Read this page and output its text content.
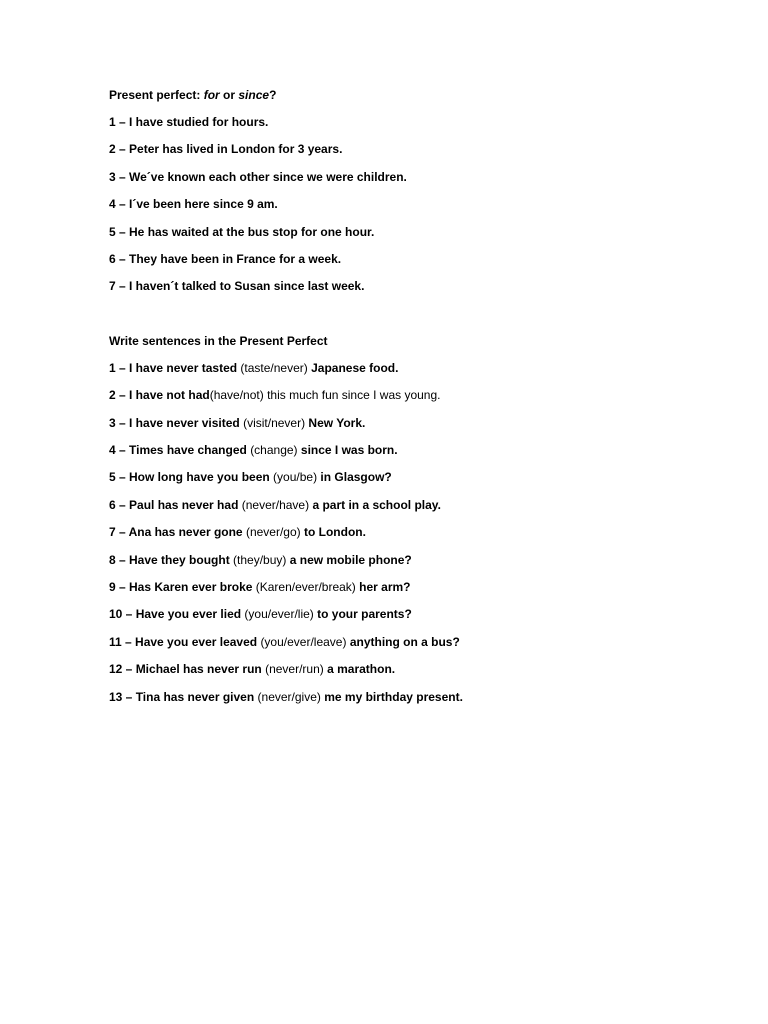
Present perfect: for or since?
1 – I have studied for hours.
2 – Peter has lived in London for 3 years.
3 – We´ve known each other since we were children.
4 – I´ve been here since 9 am.
5 – He has waited at the bus stop for one hour.
6 – They have been in France for a week.
7 – I haven´t talked to Susan since last week.
Write sentences in the Present Perfect
1 – I have never tasted (taste/never) Japanese food.
2 – I have not had(have/not) this much fun since I was young.
3 – I have never visited (visit/never) New York.
4 – Times have changed (change) since I was born.
5 – How long have you been (you/be) in Glasgow?
6 – Paul has never had (never/have) a part in a school play.
7 – Ana has never gone (never/go) to London.
8 – Have they bought (they/buy) a new mobile phone?
9 – Has Karen ever broke (Karen/ever/break) her arm?
10 – Have you ever lied (you/ever/lie) to your parents?
11 – Have you ever leaved (you/ever/leave) anything on a bus?
12 – Michael has never run (never/run) a marathon.
13 – Tina has never given (never/give) me my birthday present.
